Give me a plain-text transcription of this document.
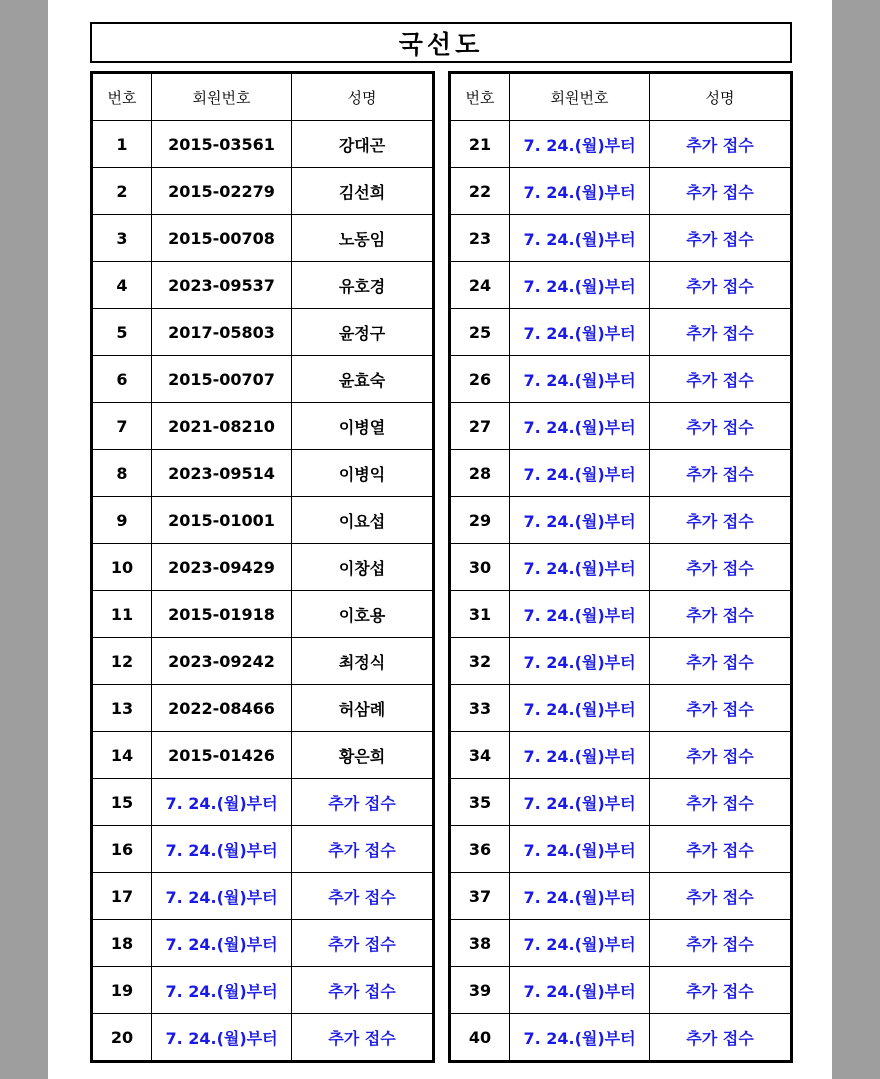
국선도
번호	회원번호	성명
1	2015-03561	강대곤
2	2015-02279	김선희
3	2015-00708	노동임
4	2023-09537	유호경
5	2017-05803	윤정구
6	2015-00707	윤효숙
7	2021-08210	이병열
8	2023-09514	이병익
9	2015-01001	이요섭
10	2023-09429	이창섭
11	2015-01918	이호용
12	2023-09242	최정식
13	2022-08466	허삼례
14	2015-01426	황은희
15	7. 24.(월)부터	추가 접수
16	7. 24.(월)부터	추가 접수
17	7. 24.(월)부터	추가 접수
18	7. 24.(월)부터	추가 접수
19	7. 24.(월)부터	추가 접수
20	7. 24.(월)부터	추가 접수
번호	회원번호	성명
21	7. 24.(월)부터	추가 접수
22	7. 24.(월)부터	추가 접수
23	7. 24.(월)부터	추가 접수
24	7. 24.(월)부터	추가 접수
25	7. 24.(월)부터	추가 접수
26	7. 24.(월)부터	추가 접수
27	7. 24.(월)부터	추가 접수
28	7. 24.(월)부터	추가 접수
29	7. 24.(월)부터	추가 접수
30	7. 24.(월)부터	추가 접수
31	7. 24.(월)부터	추가 접수
32	7. 24.(월)부터	추가 접수
33	7. 24.(월)부터	추가 접수
34	7. 24.(월)부터	추가 접수
35	7. 24.(월)부터	추가 접수
36	7. 24.(월)부터	추가 접수
37	7. 24.(월)부터	추가 접수
38	7. 24.(월)부터	추가 접수
39	7. 24.(월)부터	추가 접수
40	7. 24.(월)부터	추가 접수
